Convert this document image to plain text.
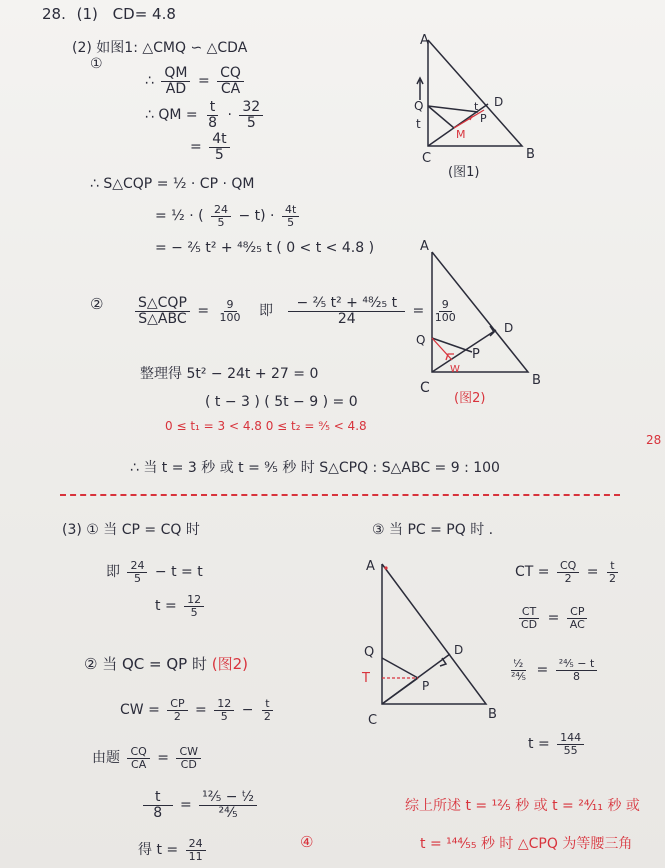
28. (1) CD= 4.8
(2) 如图1: △CMQ ∽ △CDA
①
∴ $\frac{QM}{AD} = \frac{CQ}{CA}$
∴ QM = $\frac{t}{8} \cdot \frac{32}{5}$
= $\frac{4t}{5}$
∴ S△CQP = ½ · CP · QM
= ½ · ( $\frac{24}{5} - t) \cdot \frac{4t}{5}$
= − ²⁄₅ t² + ⁴⁸⁄₂₅ t ( 0 < t < 4.8 )
② $\frac{\text{S△CQP}}{\text{S△ABC}} = \frac{9}{100}$ 即 $\frac{\text{− ²⁄₅ t² + ⁴⁸⁄₂₅ t}}{24} = \frac{9}{100}$
整理得 5t² − 24t + 27 = 0
( t − 3 ) ( 5t − 9 ) = 0
0 ≤ t₁ = 3 < 4.8 0 ≤ t₂ = ⁹⁄₅ < 4.8
∴ 当 t = 3 秒 或 t = ⁹⁄₅ 秒 时 S△CPQ : S△ABC = 9 : 100
28
(3) ① 当 CP = CQ 时
即 $\frac{24}{5} - t = t$
$t = \frac{12}{5}$
② 当 QC = QP 时 (图2)
CW = $\frac{CP}{2} = \frac{12}{5} - \frac{t}{2}$
由题 $\frac{CQ}{CA} = \frac{CW}{CD}$
$\frac{t}{8} = \frac{\text{¹²⁄₅ − ᵗ⁄₂}}{\text{²⁴⁄₅}}$
得 $t = \frac{24}{11}$	④
③ 当 PC = PQ 时 .
CT = $\frac{CQ}{2} = \frac{t}{2}$
$\frac{CT}{CD} = \frac{CP}{AC}$
$\frac{\text{ᵗ⁄₂}}{\text{²⁴⁄₅}} = \frac{\text{²⁴⁄₅ − t}}{8}$
$t = \frac{144}{55}$
综上所述 t = ¹²⁄₅ 秒 或 t = ²⁴⁄₁₁ 秒 或
t = ¹⁴⁴⁄₅₅ 秒 时 △CPQ 为等腰三角
A
B
C
D
Q
M
P
t
t
(图1)
A
B
C
D
Q
P
W
(图2)
A
B
C
D
Q
P
T
